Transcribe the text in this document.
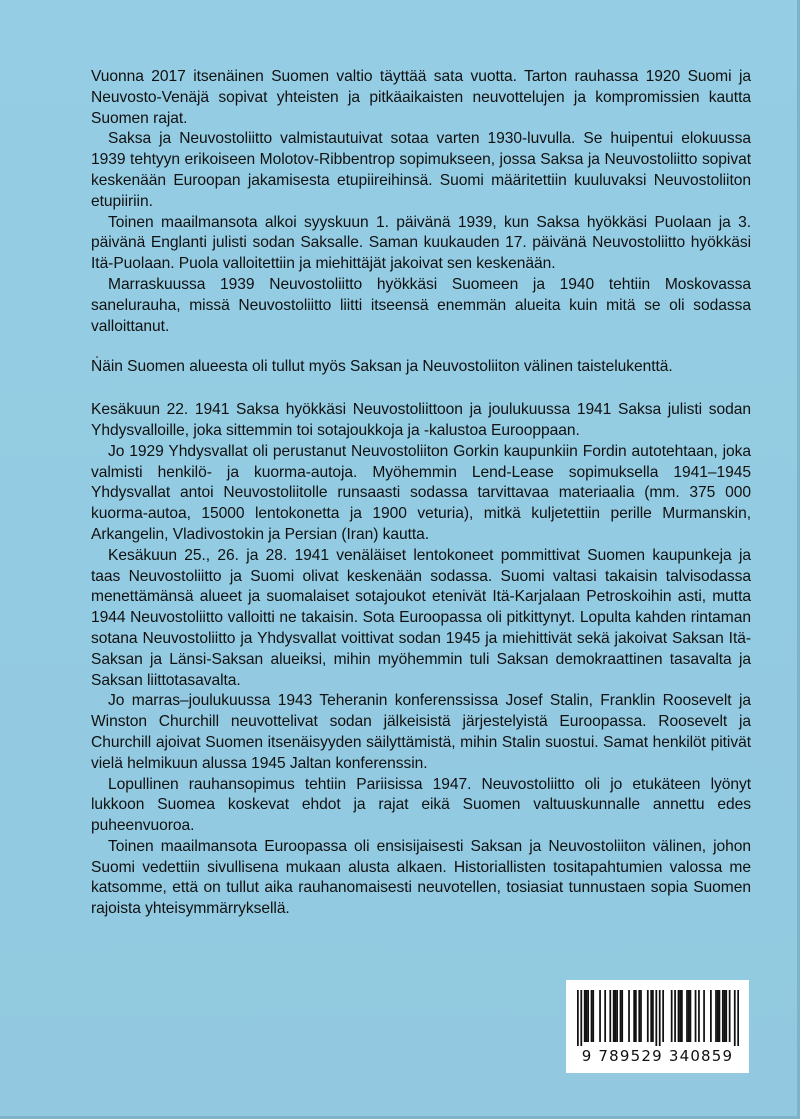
Vuonna 2017 itsenäinen Suomen valtio täyttää sata vuotta. Tarton rauhassa 1920 Suomi ja Neuvosto-Venäjä sopivat yhteisten ja pitkäaikaisten neuvottelujen ja kompromissien kautta Suomen rajat.

Saksa ja Neuvostoliitto valmistautuivat sotaa varten 1930-luvulla. Se huipentui elokuussa 1939 tehtyyn erikoiseen Molotov-Ribbentrop sopimukseen, jossa Saksa ja Neuvostoliitto sopivat keskenään Euroopan jakamisesta etupiireihinsä. Suomi määritettiin kuuluvaksi Neuvostoliiton etupiiriin.

Toinen maailmansota alkoi syyskuun 1. päivänä 1939, kun Saksa hyökkäsi Puolaan ja 3. päivänä Englanti julisti sodan Saksalle. Saman kuukauden 17. päivänä Neuvostoliitto hyökkäsi Itä-Puolaan. Puola valloitettiin ja miehittäjät jakoivat sen keskenään.

Marraskuussa 1939 Neuvostoliitto hyökkäsi Suomeen ja 1940 tehtiin Moskovassa sanelurauha, missä Neuvostoliitto liitti itseensä enemmän alueita kuin mitä se oli sodassa valloittanut.

Näin Suomen alueesta oli tullut myös Saksan ja Neuvostoliiton välinen taistelukenttä.

Kesäkuun 22. 1941 Saksa hyökkäsi Neuvostoliittoon ja joulukuussa 1941 Saksa julisti sodan Yhdysvalloille, joka sittemmin toi sotajoukkoja ja -kalustoa Eurooppaan.

Jo 1929 Yhdysvallat oli perustanut Neuvostoliiton Gorkin kaupunkiin Fordin autotehtaan, joka valmisti henkilö- ja kuorma-autoja. Myöhemmin Lend-Lease sopimuksella 1941–1945 Yhdysvallat antoi Neuvostoliitolle runsaasti sodassa tarvittavaa materiaalia (mm. 375 000 kuorma-autoa, 15000 lentokonetta ja 1900 veturia), mitkä kuljetettiin perille Murmanskin, Arkangelin, Vladivostokin ja Persian (Iran) kautta.

Kesäkuun 25., 26. ja 28. 1941 venäläiset lentokoneet pommittivat Suomen kaupunkeja ja taas Neuvostoliitto ja Suomi olivat keskenään sodassa. Suomi valtasi takaisin talvisodassa menettämänsä alueet ja suomalaiset sotajoukot etenivät Itä-Karjalaan Petroskoihin asti, mutta 1944 Neuvostoliitto valloitti ne takaisin. Sota Euroopassa oli pitkittynyt. Lopulta kahden rintaman sotana Neuvostoliitto ja Yhdysvallat voittivat sodan 1945 ja miehittivät sekä jakoivat Saksan Itä-Saksan ja Länsi-Saksan alueiksi, mihin myöhemmin tuli Saksan demokraattinen tasavalta ja Saksan liittotasavalta.

Jo marras–joulukuussa 1943 Teheranin konferenssissa Josef Stalin, Franklin Roosevelt ja Winston Churchill neuvottelivat sodan jälkeisistä järjestelyistä Euroopassa. Roosevelt ja Churchill ajoivat Suomen itsenäisyyden säilyttämistä, mihin Stalin suostui. Samat henkilöt pitivät vielä helmikuun alussa 1945 Jaltan konferenssin.

Lopullinen rauhansopimus tehtiin Pariisissa 1947. Neuvostoliitto oli jo etukäteen lyönyt lukkoon Suomea koskevat ehdot ja rajat eikä Suomen valtuuskunnalle annettu edes puheenvuoroa.

Toinen maailmansota Euroopassa oli ensisijaisesti Saksan ja Neuvostoliiton välinen, johon Suomi vedettiin sivullisena mukaan alusta alkaen. Historiallisten tositapahtumien valossa me katsomme, että on tullut aika rauhanomaisesti neuvotellen, tosiasiat tunnustaen sopia Suomen rajoista yhteisymmärryksellä.

9 789529 340859
